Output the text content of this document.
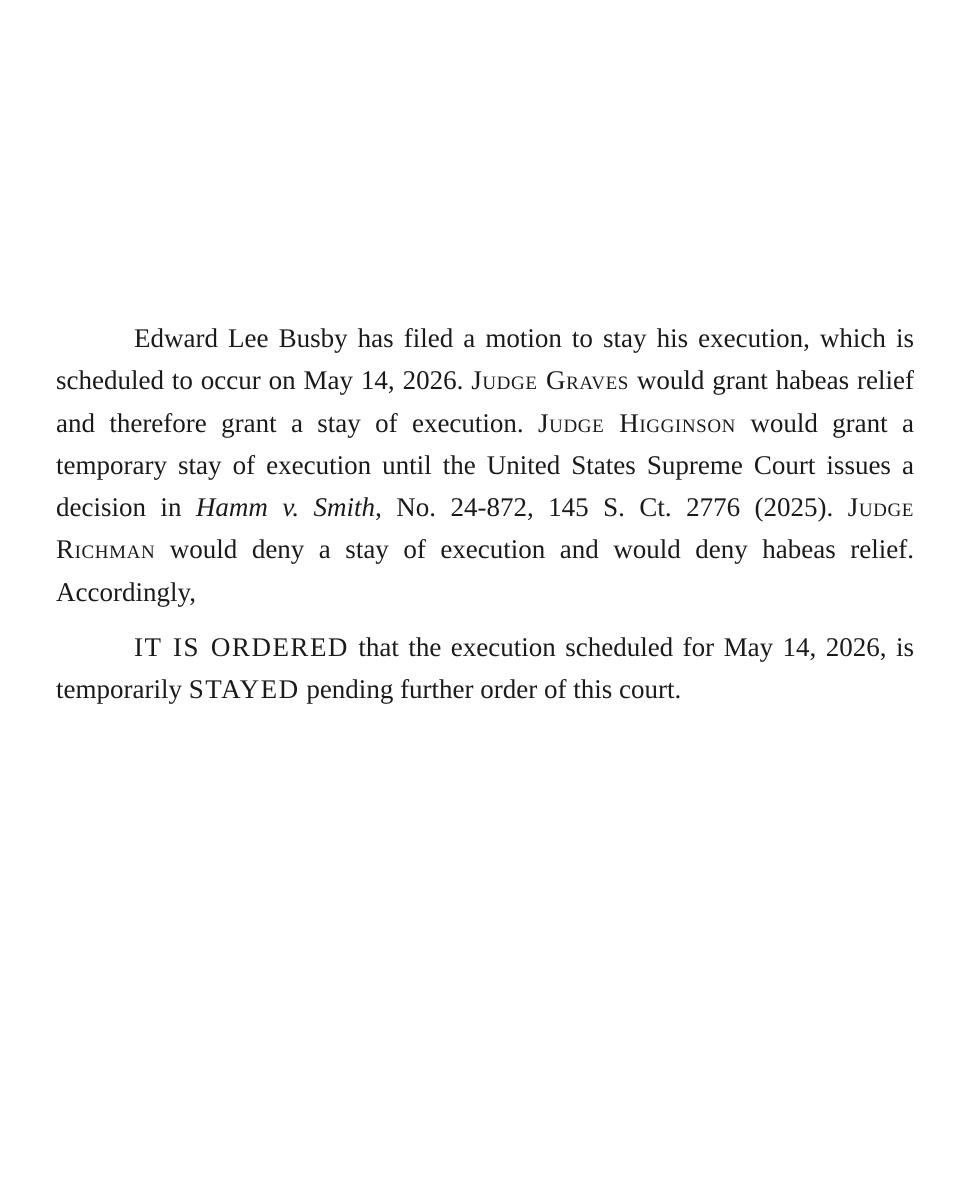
Edward Lee Busby has filed a motion to stay his execution, which is scheduled to occur on May 14, 2026. Judge Graves would grant habeas relief and therefore grant a stay of execution. Judge Higginson would grant a temporary stay of execution until the United States Supreme Court issues a decision in Hamm v. Smith, No. 24-872, 145 S. Ct. 2776 (2025). Judge Richman would deny a stay of execution and would deny habeas relief. Accordingly,

IT IS ORDERED that the execution scheduled for May 14, 2026, is temporarily STAYED pending further order of this court.
